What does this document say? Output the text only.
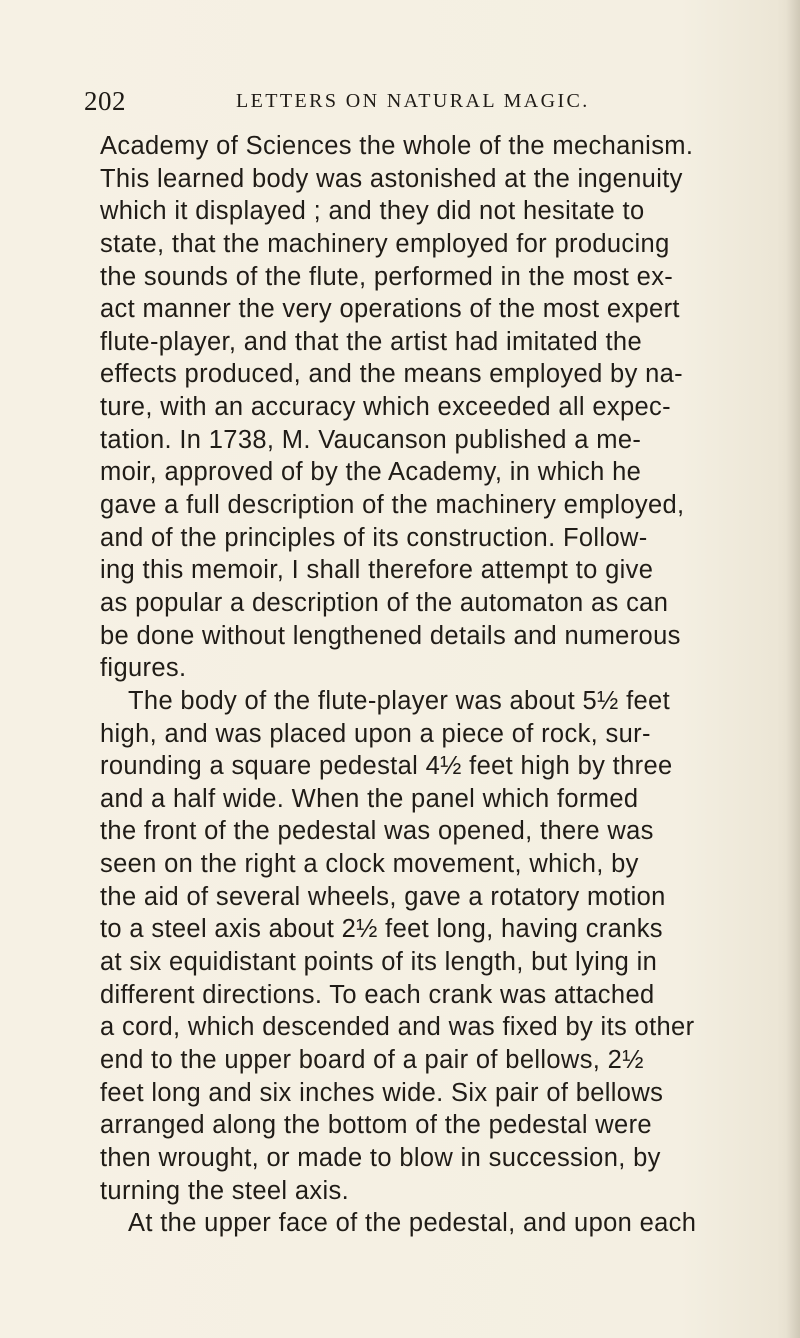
202	LETTERS ON NATURAL MAGIC.
Academy of Sciences the whole of the mechanism.
This learned body was astonished at the ingenuity
which it displayed ; and they did not hesitate to
state, that the machinery employed for producing
the sounds of the flute, performed in the most ex-
act manner the very operations of the most expert
flute-player, and that the artist had imitated the
effects produced, and the means employed by na-
ture, with an accuracy which exceeded all expec-
tation. In 1738, M. Vaucanson published a me-
moir, approved of by the Academy, in which he
gave a full description of the machinery employed,
and of the principles of its construction. Follow-
ing this memoir, I shall therefore attempt to give
as popular a description of the automaton as can
be done without lengthened details and numerous
figures.
The body of the flute-player was about 5½ feet
high, and was placed upon a piece of rock, sur-
rounding a square pedestal 4½ feet high by three
and a half wide. When the panel which formed
the front of the pedestal was opened, there was
seen on the right a clock movement, which, by
the aid of several wheels, gave a rotatory motion
to a steel axis about 2½ feet long, having cranks
at six equidistant points of its length, but lying in
different directions. To each crank was attached
a cord, which descended and was fixed by its other
end to the upper board of a pair of bellows, 2½
feet long and six inches wide. Six pair of bellows
arranged along the bottom of the pedestal were
then wrought, or made to blow in succession, by
turning the steel axis.
At the upper face of the pedestal, and upon each
